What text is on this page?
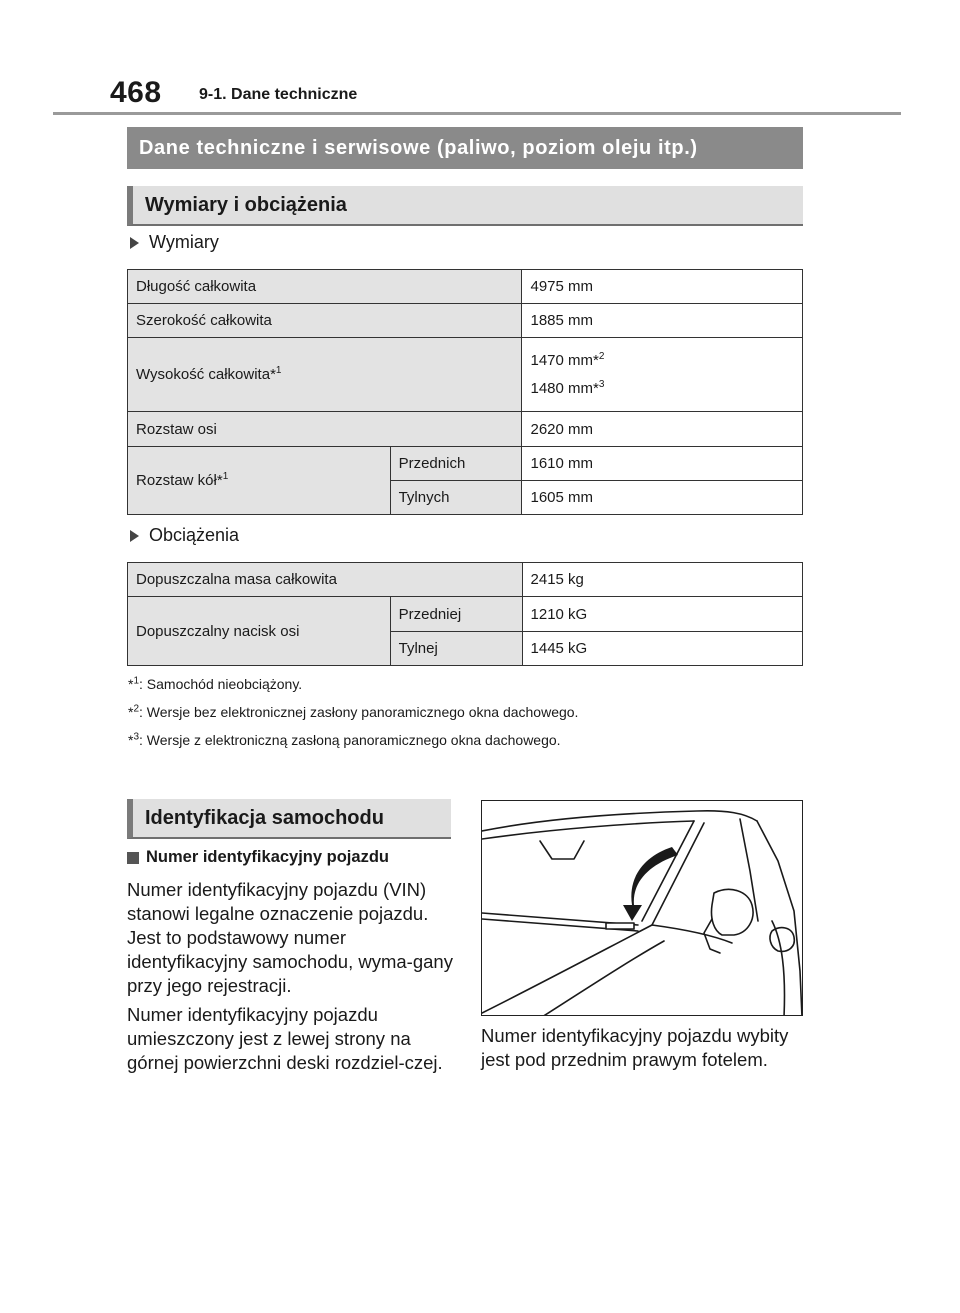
468 9-1. Dane techniczne
Dane techniczne i serwisowe (paliwo, poziom oleju itp.)
Wymiary i obciążenia
Wymiary
Długość całkowita		4975 mm
Szerokość całkowita		1885 mm
Wysokość całkowita*$^1$		1470 mm*$^2$
1480 mm*$^3$

Rozstaw osi		2620 mm
Rozstaw kół*$^1$	Przednich	1610 mm
	Tylnych	1605 mm
Obciążenia
Dopuszczalna masa całkowita		2415 kg
Dopuszczalny nacisk osi	Przedniej	1210 kG
	Tylnej	1445 kG
*$^1$: Samochód nieobciążony.
*$^2$: Wersje bez elektronicznej zasłony panoramicznego okna dachowego.
*$^3$: Wersje z elektroniczną zasłoną panoramicznego okna dachowego.
Identyfikacja samochodu
Numer identyfikacyjny pojazdu

Numer identyfikacyjny pojazdu (VIN) stanowi legalne oznaczenie pojazdu. Jest to podstawowy numer identyfikacyjny samochodu, wyma-gany przy jego rejestracji.

Numer identyfikacyjny pojazdu umieszczony jest z lewej strony na górnej powierzchni deski rozdziel-czej.

Numer identyfikacyjny pojazdu wybity jest pod przednim prawym fotelem.
